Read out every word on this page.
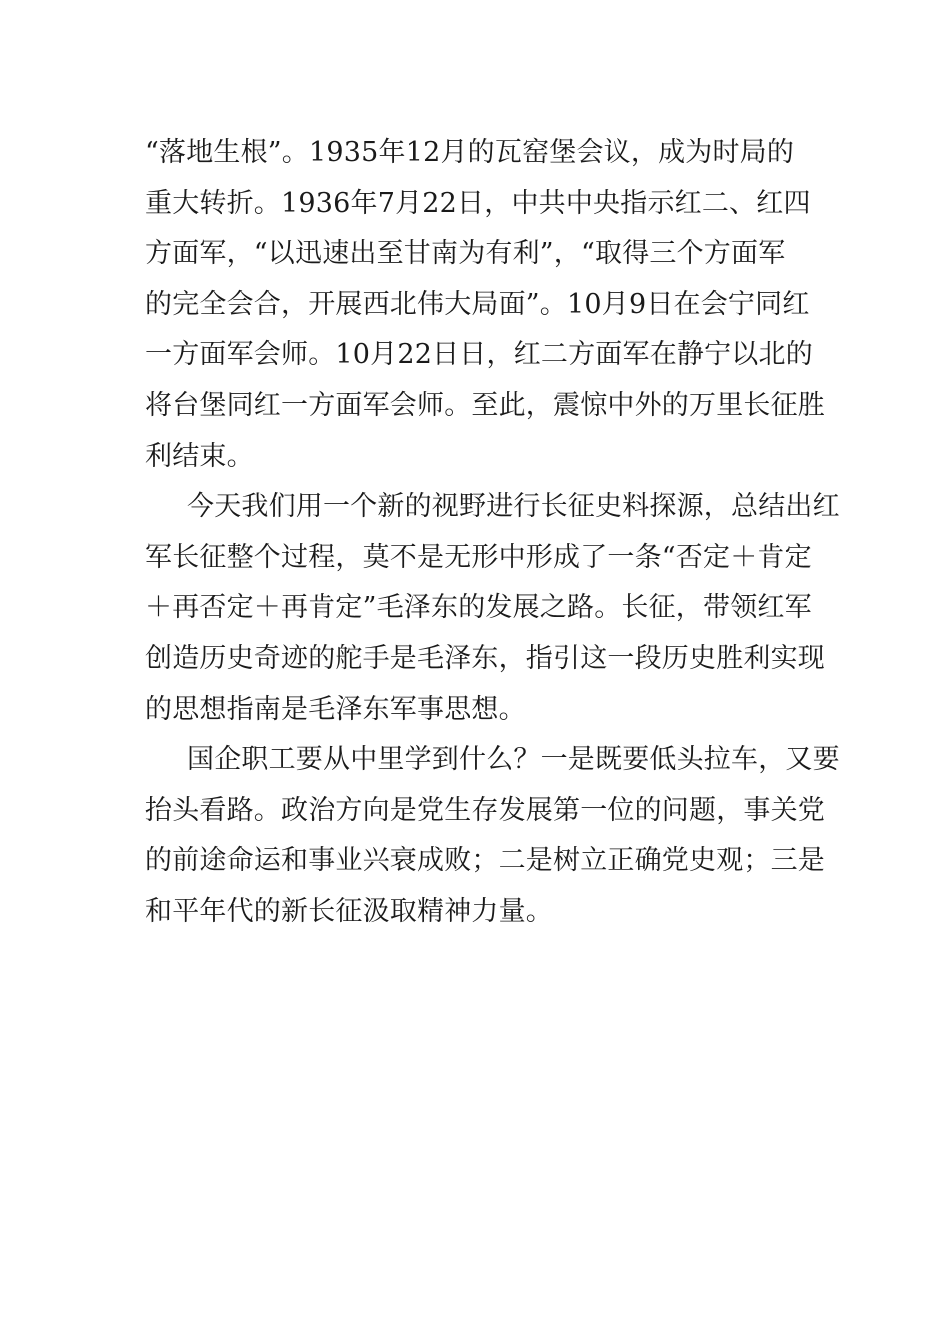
“落地生根”。1935年12月的瓦窑堡会议，成为时局的
重大转折。1936年7月22日，中共中央指示红二、红四
方面军，“以迅速出至甘南为有利”，“取得三个方面军
的完全会合，开展西北伟大局面”。10月9日在会宁同红
一方面军会师。10月22日日，红二方面军在静宁以北的
将台堡同红一方面军会师。至此，震惊中外的万里长征胜
利结束。
今天我们用一个新的视野进行长征史料探源，总结出红
军长征整个过程，莫不是无形中形成了一条“否定＋肯定
＋再否定＋再肯定”毛泽东的发展之路。长征，带领红军
创造历史奇迹的舵手是毛泽东，指引这一段历史胜利实现
的思想指南是毛泽东军事思想。
国企职工要从中里学到什么？一是既要低头拉车，又要
抬头看路。政治方向是党生存发展第一位的问题，事关党
的前途命运和事业兴衰成败；二是树立正确党史观；三是
和平年代的新长征汲取精神力量。
